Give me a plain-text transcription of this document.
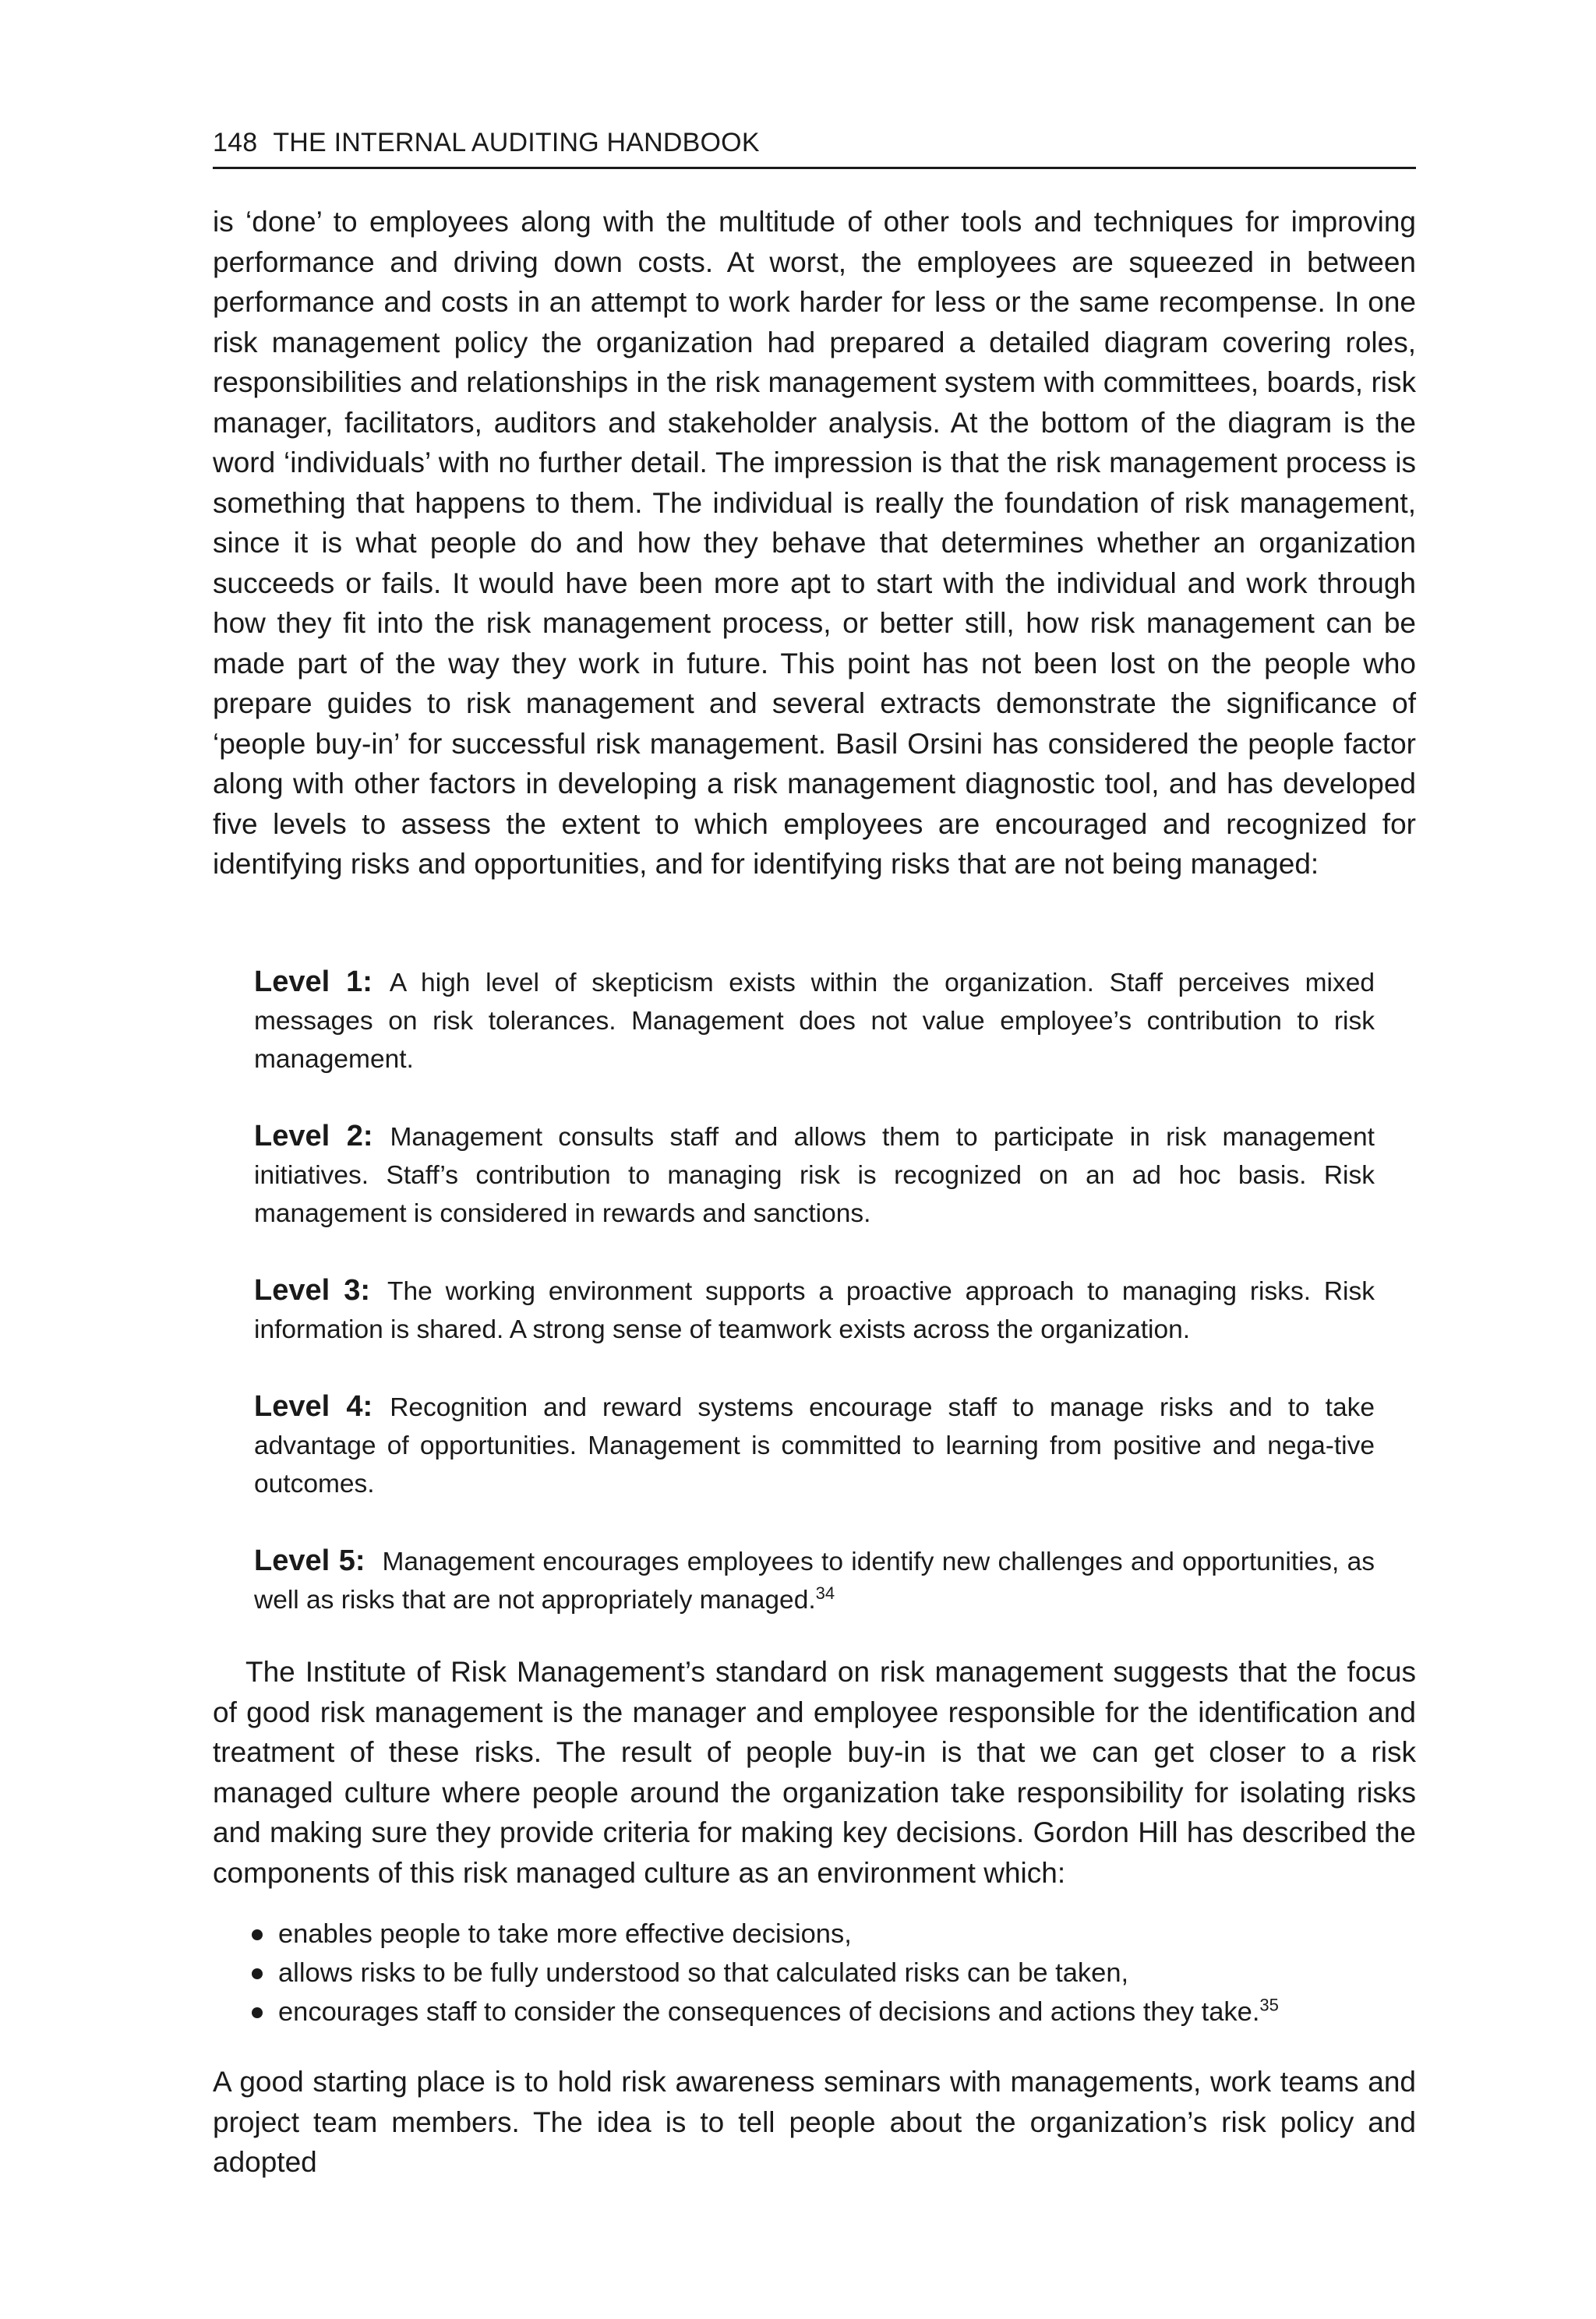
148 THE INTERNAL AUDITING HANDBOOK

is ‘done’ to employees along with the multitude of other tools and techniques for improving performance and driving down costs. At worst, the employees are squeezed in between performance and costs in an attempt to work harder for less or the same recompense. In one risk management policy the organization had prepared a detailed diagram covering roles, responsibilities and relationships in the risk management system with committees, boards, risk manager, facilitators, auditors and stakeholder analysis. At the bottom of the diagram is the word ‘individuals’ with no further detail. The impression is that the risk management process is something that happens to them. The individual is really the foundation of risk management, since it is what people do and how they behave that determines whether an organization succeeds or fails. It would have been more apt to start with the individual and work through how they fit into the risk management process, or better still, how risk management can be made part of the way they work in future. This point has not been lost on the people who prepare guides to risk management and several extracts demonstrate the significance of ‘people buy-in’ for successful risk management. Basil Orsini has considered the people factor along with other factors in developing a risk management diagnostic tool, and has developed five levels to assess the extent to which employees are encouraged and recognized for identifying risks and opportunities, and for identifying risks that are not being managed:

Level 1: A high level of skepticism exists within the organization. Staff perceives mixed messages on risk tolerances. Management does not value employee’s contribution to risk management.

Level 2: Management consults staff and allows them to participate in risk management initiatives. Staff’s contribution to managing risk is recognized on an ad hoc basis. Risk management is considered in rewards and sanctions.

Level 3: The working environment supports a proactive approach to managing risks. Risk information is shared. A strong sense of teamwork exists across the organization.

Level 4: Recognition and reward systems encourage staff to manage risks and to take advantage of opportunities. Management is committed to learning from positive and nega-tive outcomes.

Level 5: Management encourages employees to identify new challenges and opportunities, as well as risks that are not appropriately managed.$^{34}$

The Institute of Risk Management’s standard on risk management suggests that the focus of good risk management is the manager and employee responsible for the identification and treatment of these risks. The result of people buy-in is that we can get closer to a risk managed culture where people around the organization take responsibility for isolating risks and making sure they provide criteria for making key decisions. Gordon Hill has described the components of this risk managed culture as an environment which:

enables people to take more effective decisions,
allows risks to be fully understood so that calculated risks can be taken,
encourages staff to consider the consequences of decisions and actions they take.$^{35}$

A good starting place is to hold risk awareness seminars with managements, work teams and project team members. The idea is to tell people about the organization’s risk policy and adopted
